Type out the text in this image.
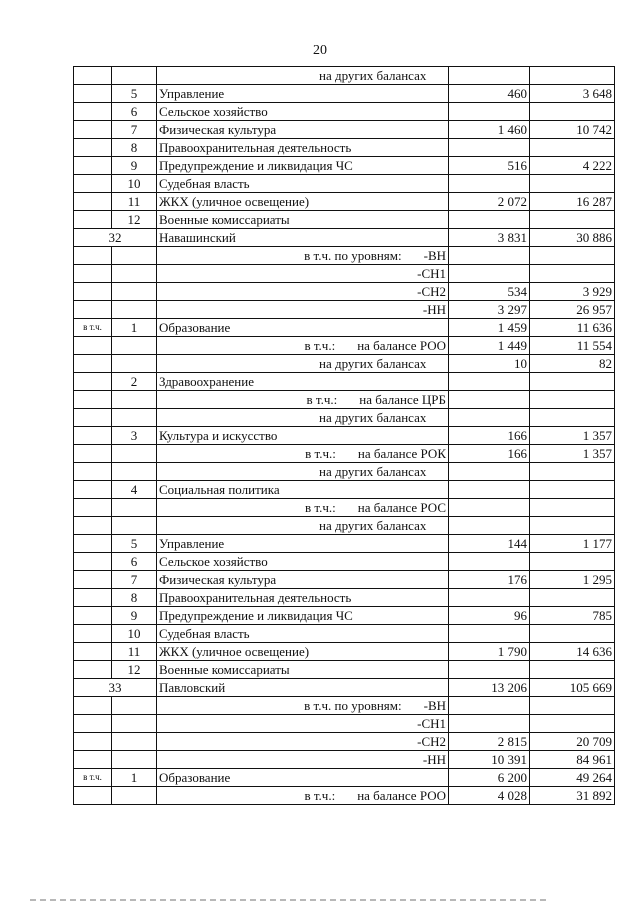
20
		на других балансах		
	5	Управление	460	3 648
	6	Сельское хозяйство		
	7	Физическая культура	1 460	10 742
	8	Правоохранительная деятельность		
	9	Предупреждение и ликвидация ЧС	516	4 222
	10	Судебная власть		
	11	ЖКХ (уличное освещение)	2 072	16 287
	12	Военные комиссариаты		
32		Навашинский	3 831	30 886
		в т.ч. по уровням: -ВН		
		-СН1		
		-СН2	534	3 929
		-НН	3 297	26 957
в т.ч.	1	Образование	1 459	11 636
		в т.ч.: на балансе РОО	1 449	11 554
		на других балансах	10	82
	2	Здравоохранение		
		в т.ч.: на балансе ЦРБ		
		на других балансах		
	3	Культура и искусство	166	1 357
		в т.ч.: на балансе РОК	166	1 357
		на других балансах		
	4	Социальная политика		
		в т.ч.: на балансе РОС		
		на других балансах		
	5	Управление	144	1 177
	6	Сельское хозяйство		
	7	Физическая культура	176	1 295
	8	Правоохранительная деятельность		
	9	Предупреждение и ликвидация ЧС	96	785
	10	Судебная власть		
	11	ЖКХ (уличное освещение)	1 790	14 636
	12	Военные комиссариаты		
33		Павловский	13 206	105 669
		в т.ч. по уровням: -ВН		
		-СН1		
		-СН2	2 815	20 709
		-НН	10 391	84 961
в т.ч.	1	Образование	6 200	49 264
		в т.ч.: на балансе РОО	4 028	31 892
